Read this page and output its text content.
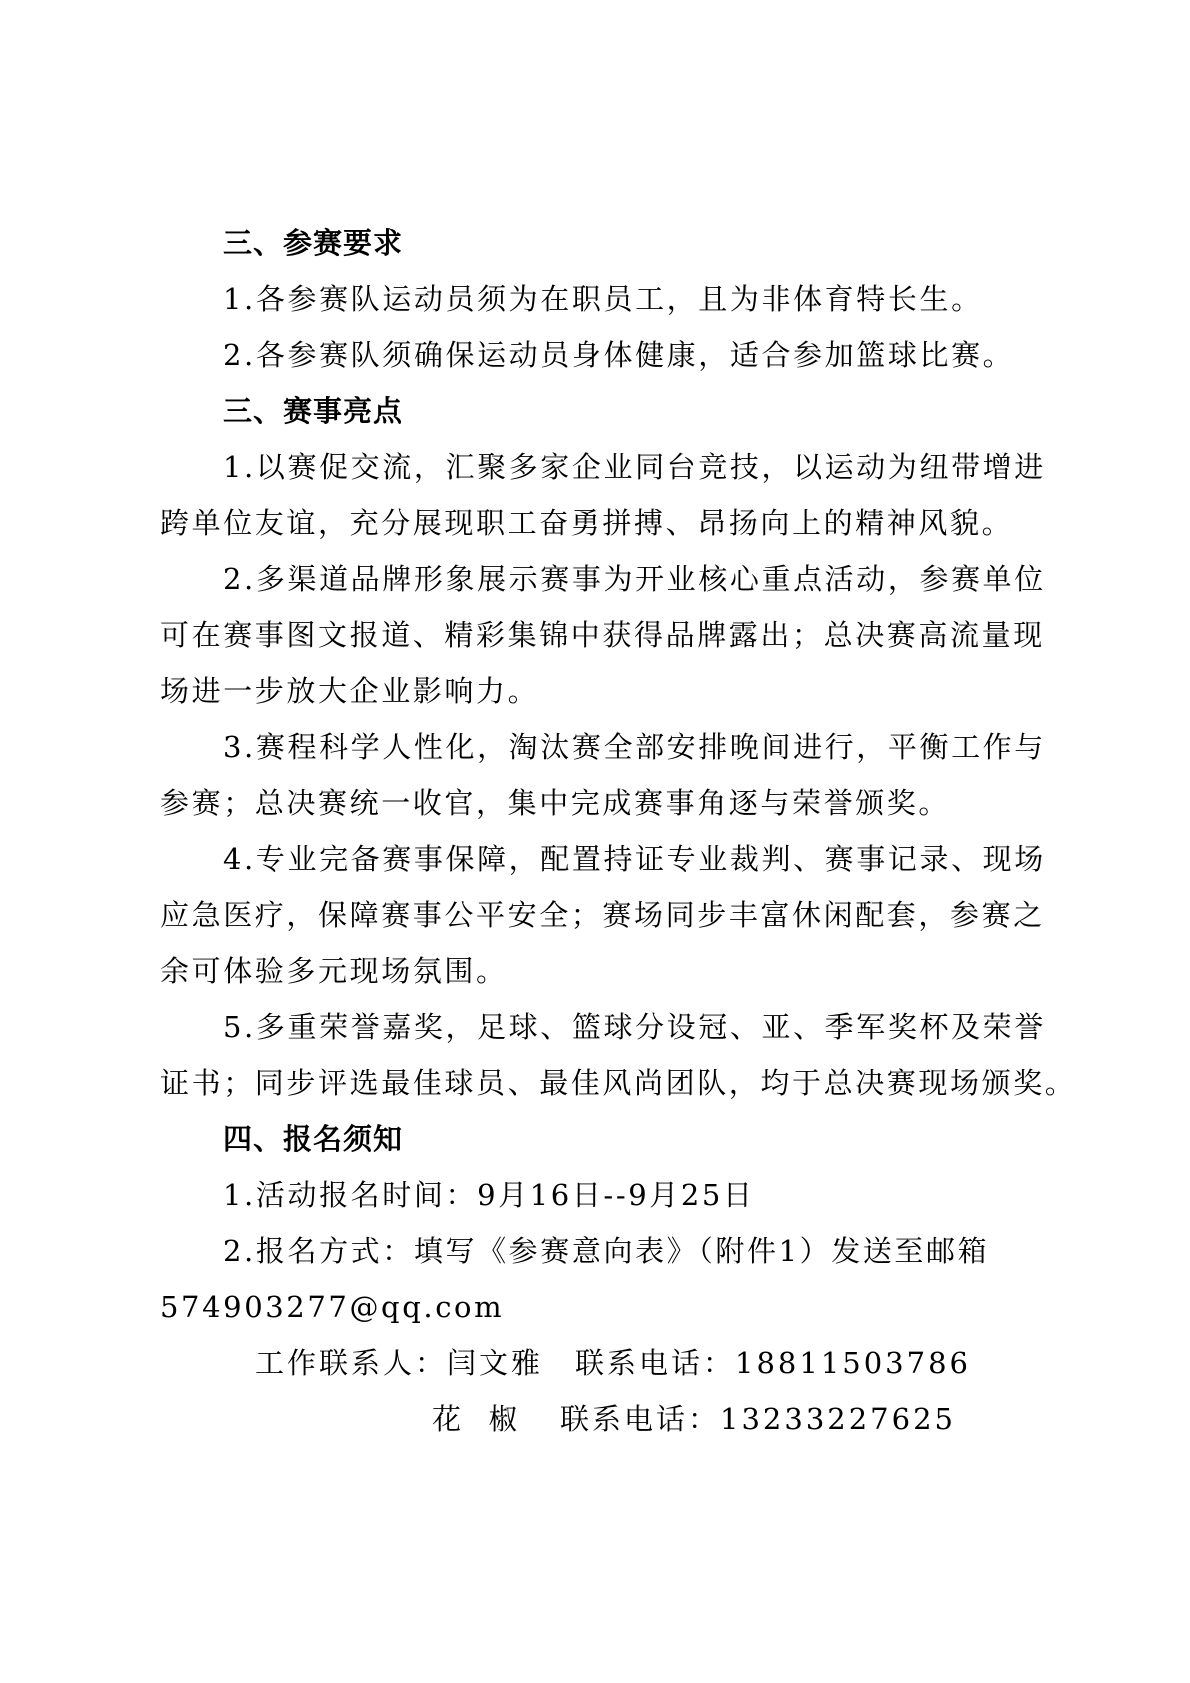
三、参赛要求

1.各参赛队运动员须为在职员工，且为非体育特长生。

2.各参赛队须确保运动员身体健康，适合参加篮球比赛。

三、赛事亮点

1.以赛促交流，汇聚多家企业同台竞技，以运动为纽带增进
跨单位友谊，充分展现职工奋勇拼搏、昂扬向上的精神风貌。

2.多渠道品牌形象展示赛事为开业核心重点活动，参赛单位
可在赛事图文报道、精彩集锦中获得品牌露出；总决赛高流量现
场进一步放大企业影响力。

3.赛程科学人性化，淘汰赛全部安排晚间进行，平衡工作与
参赛；总决赛统一收官，集中完成赛事角逐与荣誉颁奖。

4.专业完备赛事保障，配置持证专业裁判、赛事记录、现场
应急医疗，保障赛事公平安全；赛场同步丰富休闲配套，参赛之
余可体验多元现场氛围。

5.多重荣誉嘉奖，足球、篮球分设冠、亚、季军奖杯及荣誉
证书；同步评选最佳球员、最佳风尚团队，均于总决赛现场颁奖。

四、报名须知

1.活动报名时间：9月16日--9月25日

2.报名方式：填写《参赛意向表》（附件1）发送至邮箱
574903277@qq.com

工作联系人：闫文雅 联系电话：18811503786

花  椒 联系电话：13233227625
